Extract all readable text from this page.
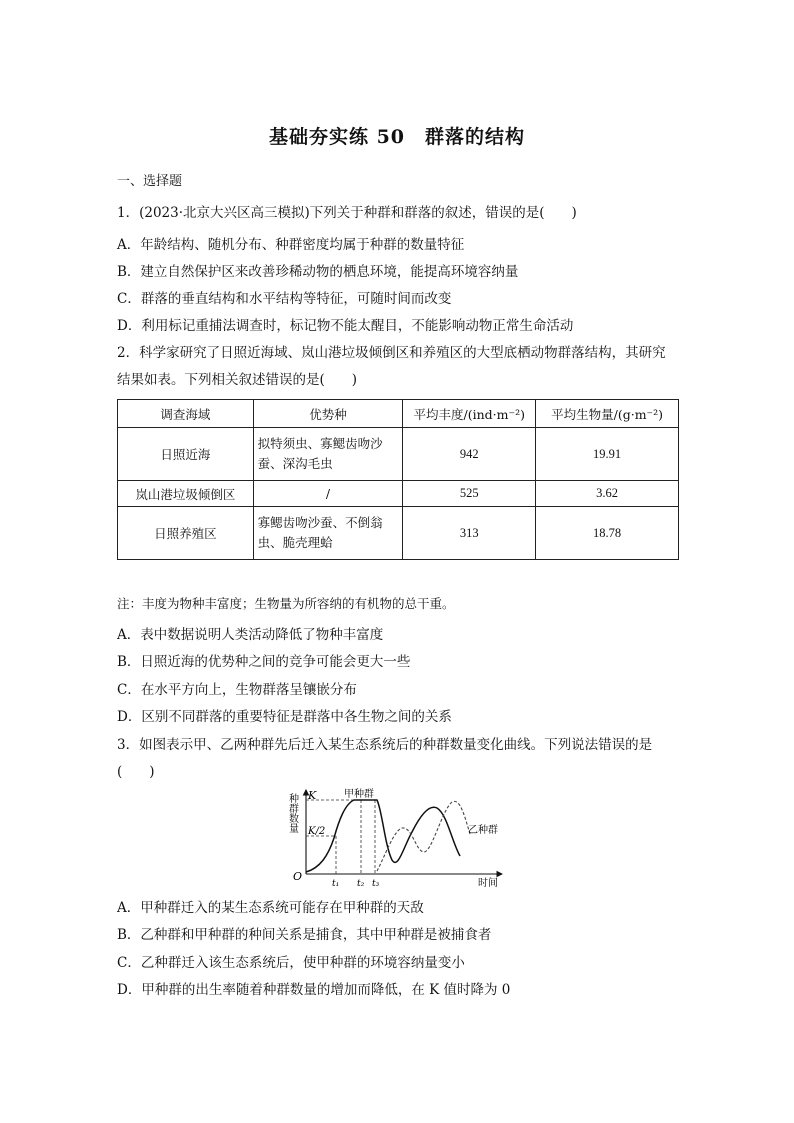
基础夯实练 50　群落的结构
一、选择题
1．(2023·北京大兴区高三模拟)下列关于种群和群落的叙述，错误的是(　　)
A．年龄结构、随机分布、种群密度均属于种群的数量特征
B．建立自然保护区来改善珍稀动物的栖息环境，能提高环境容纳量
C．群落的垂直结构和水平结构等特征，可随时间而改变
D．利用标记重捕法调查时，标记物不能太醒目，不能影响动物正常生命活动
2．科学家研究了日照近海域、岚山港垃圾倾倒区和养殖区的大型底栖动物群落结构，其研究
结果如表。下列相关叙述错误的是(　　)
调查海域	优势种	平均丰度/(ind·m⁻²)	平均生物量/(g·m⁻²)
日照近海	拟特须虫、寡鳃齿吻沙蚕、深沟毛虫	942	19.91
岚山港垃圾倾倒区	/	525	3.62
日照养殖区	寡鳃齿吻沙蚕、不倒翁虫、脆壳理蛤	313	18.78
注：丰度为物种丰富度；生物量为所容纳的有机物的总干重。
A．表中数据说明人类活动降低了物种丰富度
B．日照近海的优势种之间的竞争可能会更大一些
C．在水平方向上，生物群落呈镶嵌分布
D．区别不同群落的重要特征是群落中各生物之间的关系
3．如图表示甲、乙两种群先后迁入某生态系统后的种群数量变化曲线。下列说法错误的是
(　　)
种群数量 K
K/2
O
t₁ t₂ t₃	时间
甲种群
乙种群
A．甲种群迁入的某生态系统可能存在甲种群的天敌
B．乙种群和甲种群的种间关系是捕食，其中甲种群是被捕食者
C．乙种群迁入该生态系统后，使甲种群的环境容纳量变小
D．甲种群的出生率随着种群数量的增加而降低，在 K 值时降为 0
